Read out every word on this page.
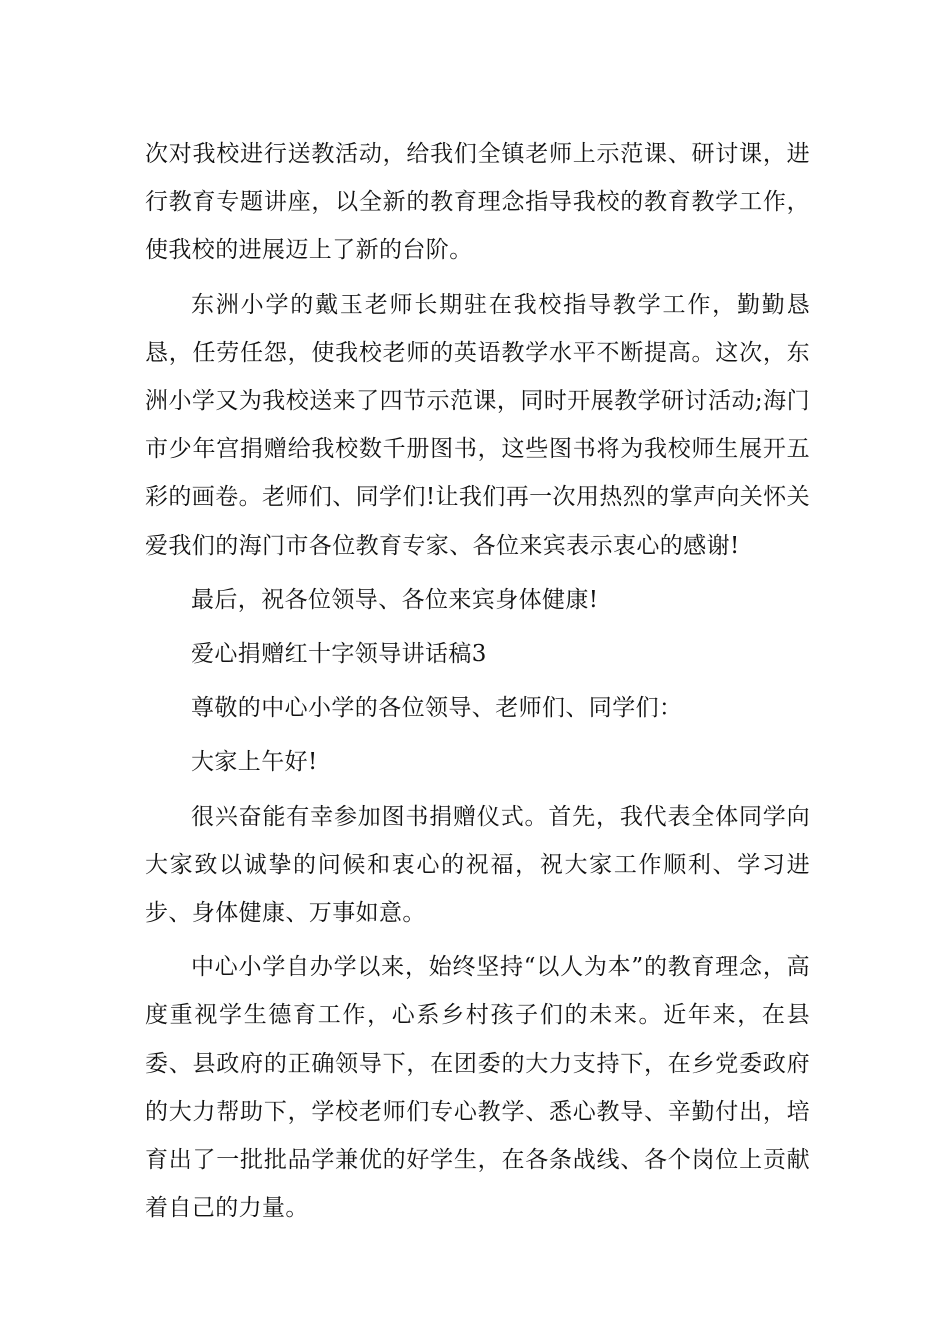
次对我校进行送教活动，给我们全镇老师上示范课、研讨课，进行教育专题讲座，以全新的教育理念指导我校的教育教学工作，使我校的进展迈上了新的台阶。

东洲小学的戴玉老师长期驻在我校指导教学工作，勤勤恳恳，任劳任怨，使我校老师的英语教学水平不断提高。这次，东洲小学又为我校送来了四节示范课，同时开展教学研讨活动;海门市少年宫捐赠给我校数千册图书，这些图书将为我校师生展开五彩的画卷。老师们、同学们!让我们再一次用热烈的掌声向关怀关爱我们的海门市各位教育专家、各位来宾表示衷心的感谢!

最后，祝各位领导、各位来宾身体健康!

爱心捐赠红十字领导讲话稿3

尊敬的中心小学的各位领导、老师们、同学们：

大家上午好!

很兴奋能有幸参加图书捐赠仪式。首先，我代表全体同学向大家致以诚挚的问候和衷心的祝福，祝大家工作顺利、学习进步、身体健康、万事如意。

中心小学自办学以来，始终坚持“以人为本”的教育理念，高度重视学生德育工作，心系乡村孩子们的未来。近年来，在县委、县政府的正确领导下，在团委的大力支持下，在乡党委政府的大力帮助下，学校老师们专心教学、悉心教导、辛勤付出，培育出了一批批品学兼优的好学生，在各条战线、各个岗位上贡献着自己的力量。
